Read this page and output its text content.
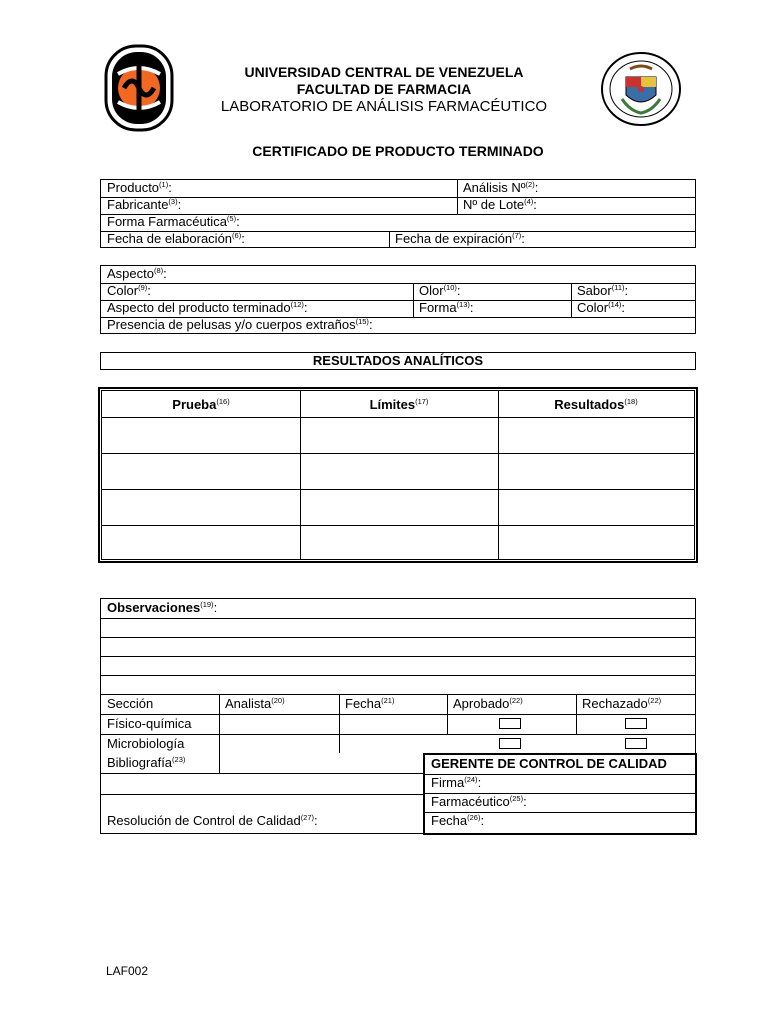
UNIVERSIDAD CENTRAL DE VENEZUELA
FACULTAD DE FARMACIA
LABORATORIO DE ANÁLISIS FARMACÉUTICO
CERTIFICADO DE PRODUCTO TERMINADO
Producto$^{(1)}$:	Análisis Nº$^{(2)}$:
Fabricante$^{(3)}$:	Nº de Lote$^{(4)}$:
Forma Farmacéutica$^{(5)}$:
Fecha de elaboración$^{(6)}$:	Fecha de expiración$^{(7)}$:
Aspecto$^{(8)}$:
Color$^{(9)}$:	Olor$^{(10)}$:	Sabor$^{(11)}$:
Aspecto del producto terminado$^{(12)}$:	Forma$^{(13)}$:	Color$^{(14)}$:
Presencia de pelusas y/o cuerpos extraños$^{(15)}$:
RESULTADOS ANALÍTICOS
Prueba$^{(16)}$	Límites$^{(17)}$	Resultados$^{(18)}$
Observaciones$^{(19)}$:
Sección	Analista$^{(20)}$	Fecha$^{(21)}$	Aprobado$^{(22)}$	Rechazado$^{(22)}$
Físico-química
Microbiología
Bibliografía$^{(23)}$
Resolución de Control de Calidad$^{(27)}$:
GERENTE DE CONTROL DE CALIDAD
Firma$^{(24)}$:
Farmacéutico$^{(25)}$:
Fecha$^{(26)}$:
LAF002
